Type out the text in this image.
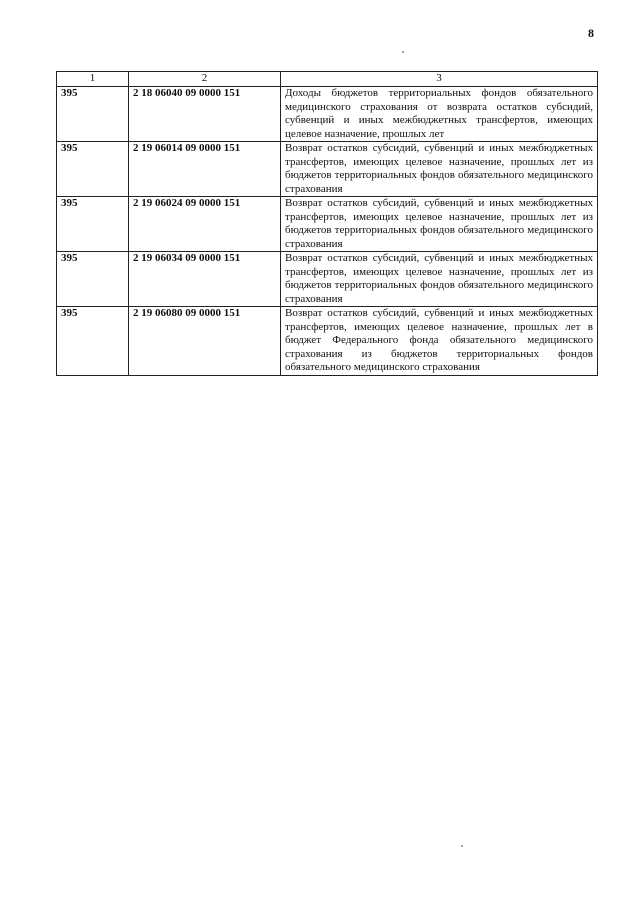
8
1	2	3
395	2 18 06040 09 0000 151	Доходы бюджетов территориальных фондов обязательного медицинского страхования от возврата остатков субсидий, субвенций и иных межбюджетных трансфертов, имеющих целевое назначение, прошлых лет
395	2 19 06014 09 0000 151	Возврат остатков субсидий, субвенций и иных межбюджетных трансфертов, имеющих целевое назначение, прошлых лет из бюджетов территориальных фондов обязательного медицинского страхования
395	2 19 06024 09 0000 151	Возврат остатков субсидий, субвенций и иных межбюджетных трансфертов, имеющих целевое назначение, прошлых лет из бюджетов территориальных фондов обязательного медицинского страхования
395	2 19 06034 09 0000 151	Возврат остатков субсидий, субвенций и иных межбюджетных трансфертов, имеющих целевое назначение, прошлых лет из бюджетов территориальных фондов обязательного медицинского страхования
395	2 19 06080 09 0000 151	Возврат остатков субсидий, субвенций и иных межбюджетных трансфертов, имеющих целевое назначение, прошлых лет в бюджет Федерального фонда обязательного медицинского страхования из бюджетов территориальных фондов обязательного медицинского страхования
